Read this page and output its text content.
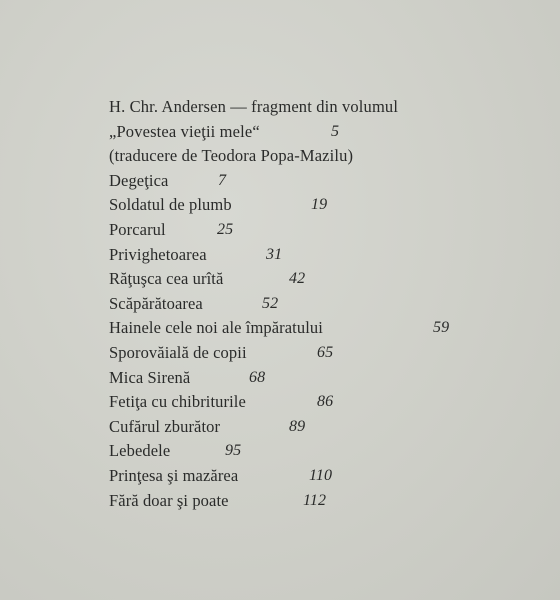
H. Chr. Andersen — fragment din volumul
„Povestea vieţii mele“	5
(traducere de Teodora Popa-Mazilu)
Degeţica	7
Soldatul de plumb	19
Porcarul	25
Privighetoarea	31
Răţuşca cea urîtă	42
Scăpărătoarea	52
Hainele cele noi ale împăratului	59
Sporovăială de copii	65
Mica Sirenă	68
Fetiţa cu chibriturile	86
Cufărul zburător	89
Lebedele	95
Prinţesa şi mazărea	110
Fără doar şi poate	112
